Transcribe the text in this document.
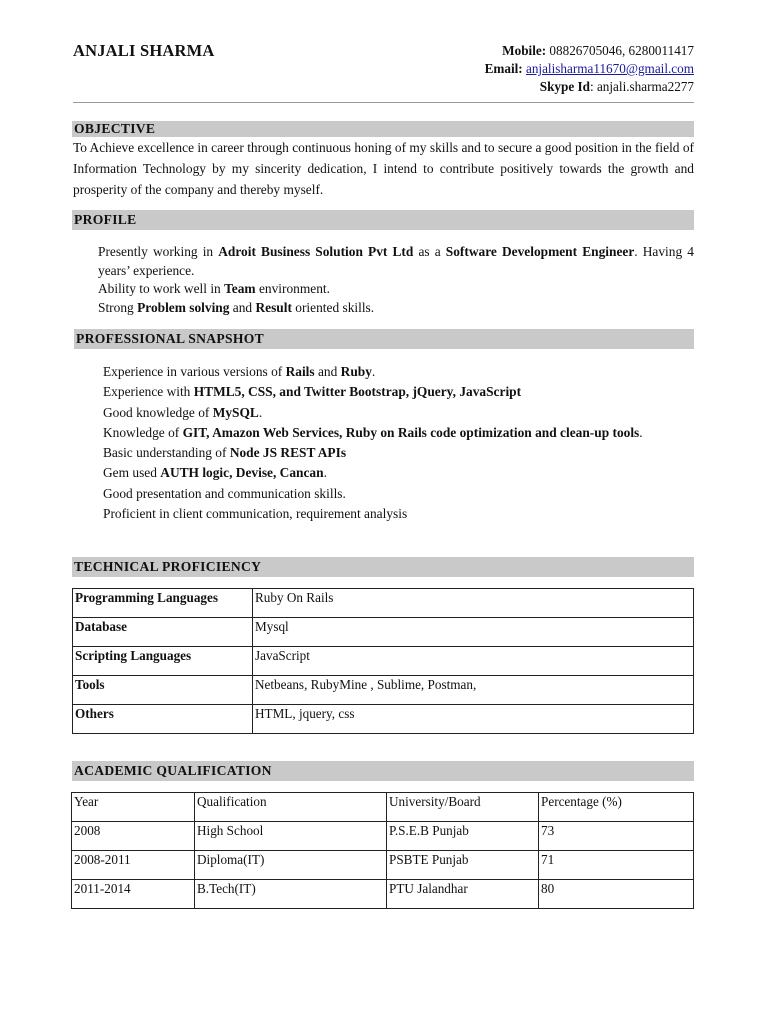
ANJALI SHARMA	Mobile: 08826705046, 6280011417
Email: anjalisharma11670@gmail.com
Skype Id: anjali.sharma2277
OBJECTIVE
To Achieve excellence in career through continuous honing of my skills and to secure a good position in the field of Information Technology by my sincerity dedication, I intend to contribute positively towards the growth and prosperity of the company and thereby myself.
PROFILE
Presently working in Adroit Business Solution Pvt Ltd as a Software Development Engineer. Having 4 years’ experience.
Ability to work well in Team environment.
Strong Problem solving and Result oriented skills.
PROFESSIONAL SNAPSHOT
Experience in various versions of Rails and Ruby.
Experience with HTML5, CSS, and Twitter Bootstrap, jQuery, JavaScript
Good knowledge of MySQL.
Knowledge of GIT, Amazon Web Services, Ruby on Rails code optimization and clean-up tools.
Basic understanding of Node JS REST APIs
Gem used AUTH logic, Devise, Cancan.
Good presentation and communication skills.
Proficient in client communication, requirement analysis
TECHNICAL PROFICIENCY
Programming Languages	Ruby On Rails
Database	Mysql
Scripting Languages	JavaScript
Tools	Netbeans, RubyMine , Sublime, Postman,
Others	HTML, jquery, css
ACADEMIC QUALIFICATION
Year	Qualification	University/Board	Percentage (%)
2008	High School	P.S.E.B Punjab	73
2008-2011	Diploma(IT)	PSBTE Punjab	71
2011-2014	B.Tech(IT)	PTU Jalandhar	80
